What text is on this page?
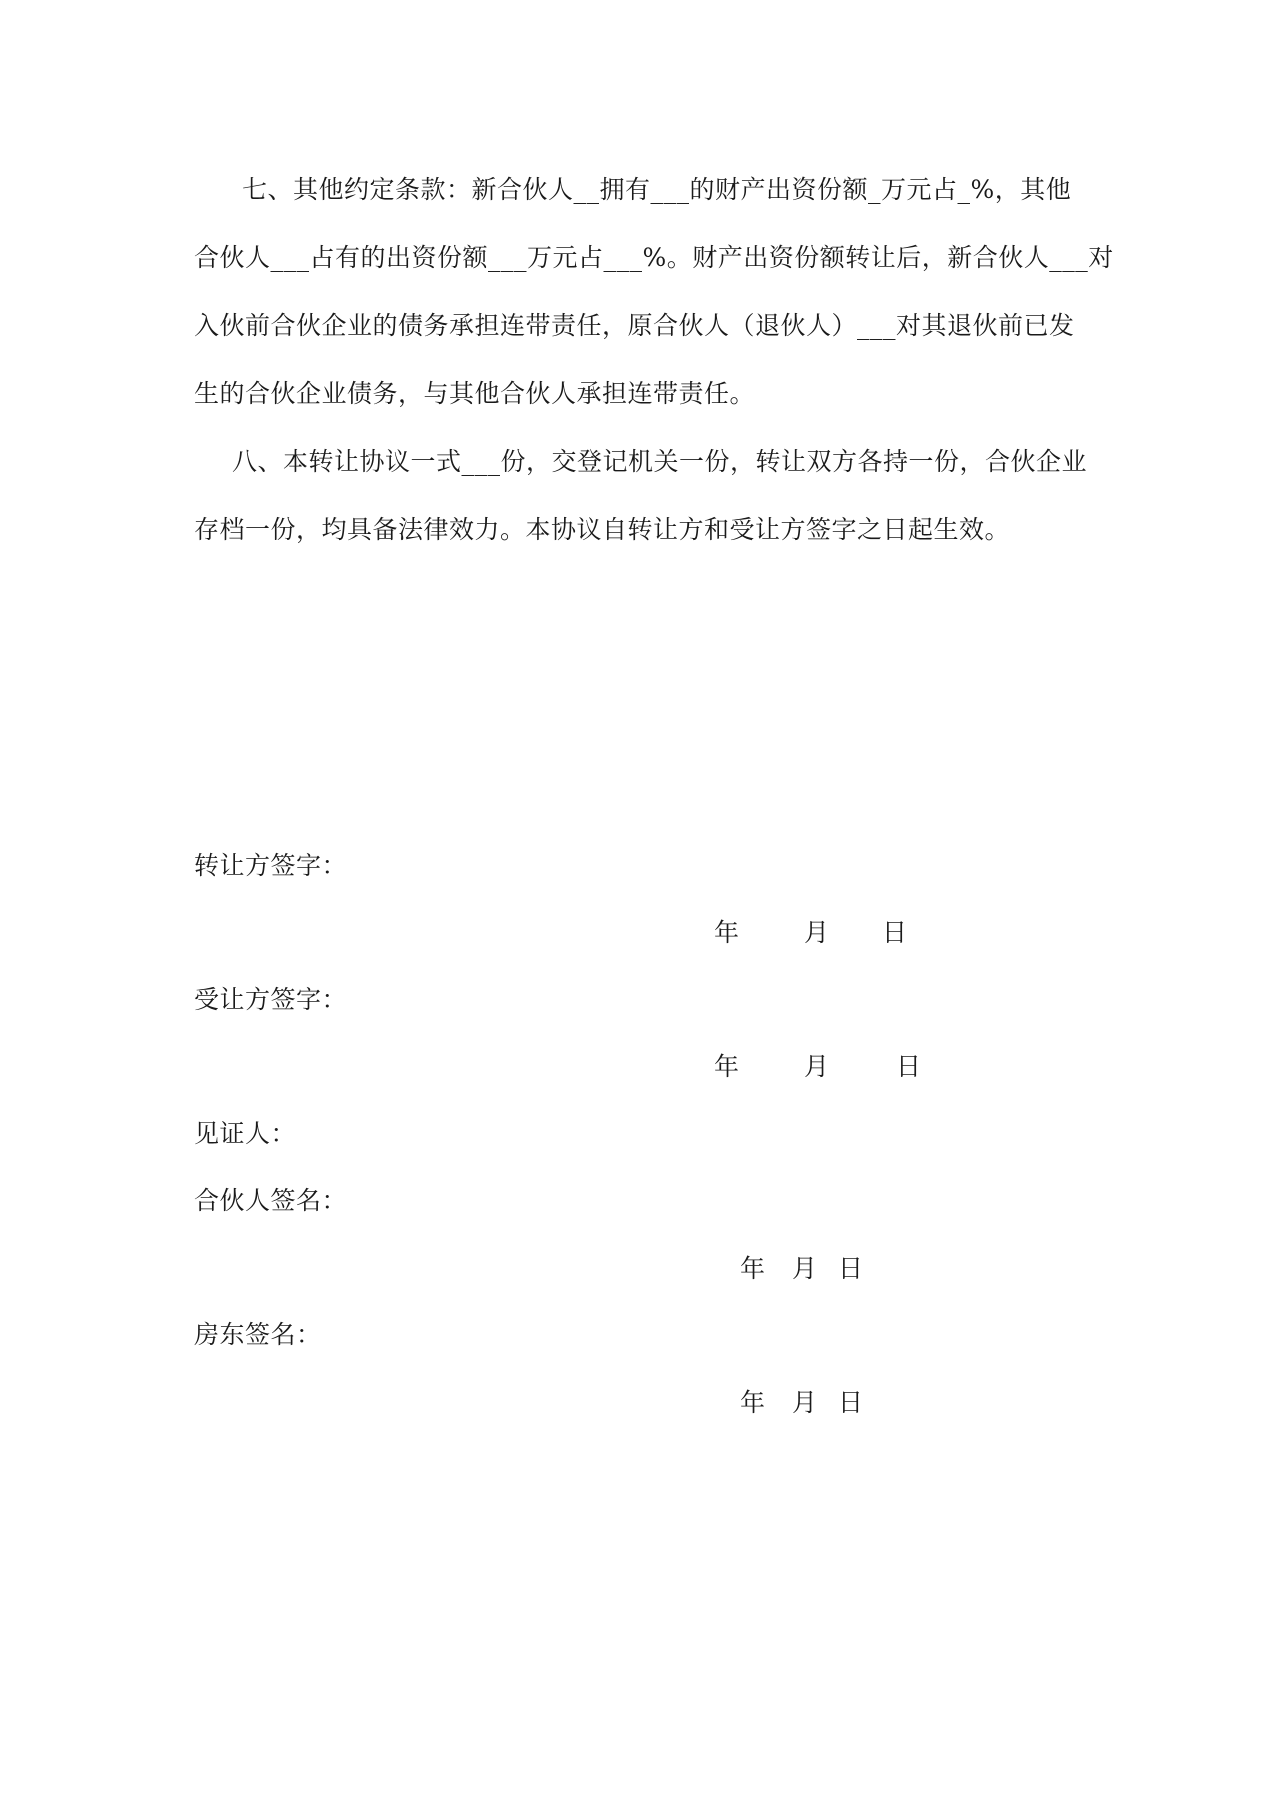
七、其他约定条款：新合伙人__拥有___的财产出资份额_万元占_%，其他
合伙人___占有的出资份额___万元占___%。财产出资份额转让后，新合伙人___对
入伙前合伙企业的债务承担连带责任，原合伙人（退伙人）___对其退伙前已发
生的合伙企业债务，与其他合伙人承担连带责任。
八、本转让协议一式___份，交登记机关一份，转让双方各持一份，合伙企业
存档一份，均具备法律效力。本协议自转让方和受让方签字之日起生效。
转让方签字：
年	月 日
受让方签字：
年	月	日
见证人：
合伙人签名：
年 月 日
房东签名：
年 月 日
